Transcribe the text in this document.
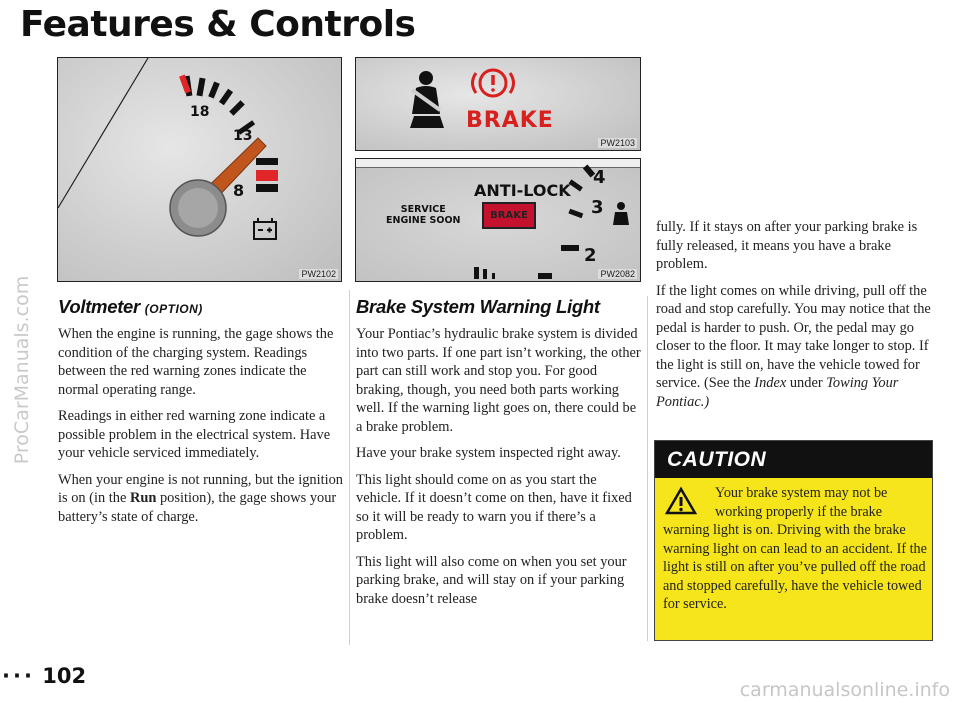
ProCarManuals.com
Features & Controls
18
13
8
PW2102
BRAKE
PW2103
ANTI-LOCK
SERVICE
ENGINE SOON	BRAKE
4
3
2
PW2082
Voltmeter (OPTION)

When the engine is running, the gage shows the condition of the charging system. Readings between the red warning zones indicate the normal operating range.

Readings in either red warning zone indicate a possible problem in the electrical system. Have your vehicle serviced immediately.

When your engine is not running, but the ignition is on (in the Run position), the gage shows your battery’s state of charge.

Brake System Warning Light

Your Pontiac’s hydraulic brake system is divided into two parts. If one part isn’t working, the other part can still work and stop you. For good braking, though, you need both parts working well. If the warning light goes on, there could be a brake problem.

Have your brake system inspected right away.

This light should come on as you start the vehicle. If it doesn’t come on then, have it fixed so it will be ready to warn you if there’s a problem.

This light will also come on when you set your parking brake, and will stay on if your parking brake doesn’t release

fully. If it stays on after your parking brake is fully released, it means you have a brake problem.

If the light comes on while driving, pull off the road and stop carefully. You may notice that the pedal is harder to push. Or, the pedal may go closer to the floor. It may take longer to stop. If the light is still on, have the vehicle towed for service. (See the Index under Towing Your Pontiac.)

CAUTION
Your brake system may not be working properly if the brake warning light is on. Driving with the brake warning light on can lead to an accident. If the light is still on after you’ve pulled off the road and stopped carefully, have the vehicle towed for service.
··· 102
carmanualsonline.info
